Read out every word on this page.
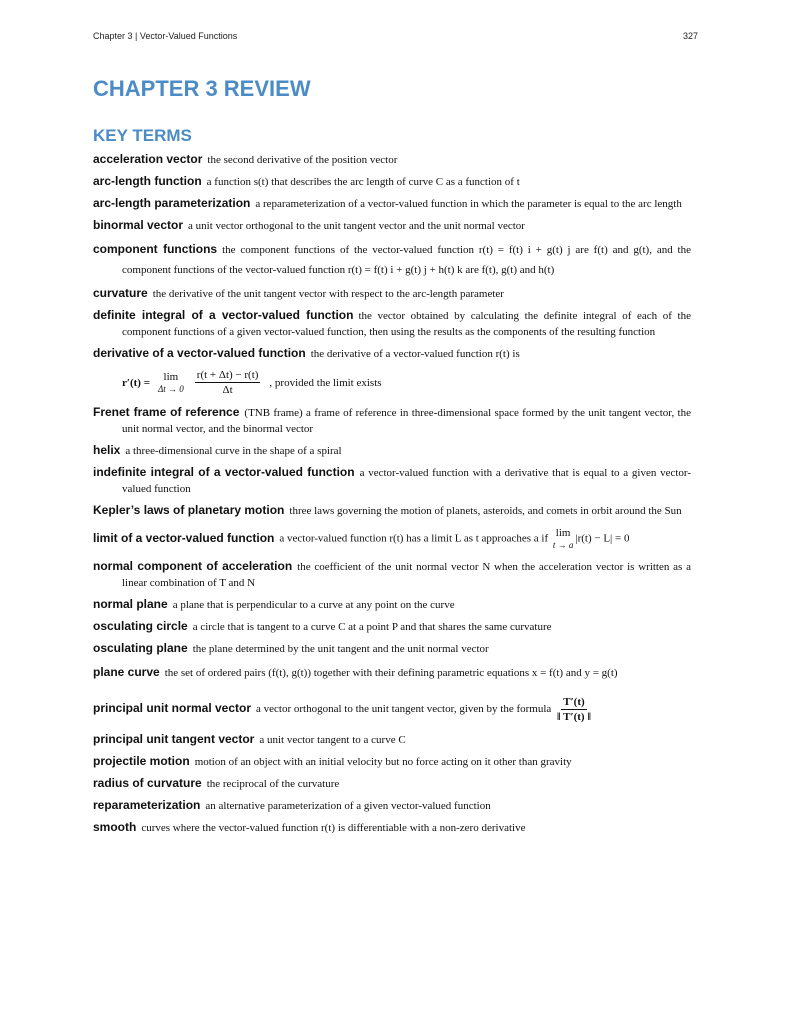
Chapter 3 | Vector-Valued Functions	327
CHAPTER 3 REVIEW
KEY TERMS

acceleration vector the second derivative of the position vector

arc-length function a function s(t) that describes the arc length of curve C as a function of t

arc-length parameterization a reparameterization of a vector-valued function in which the parameter is equal to the arc length

binormal vector a unit vector orthogonal to the unit tangent vector and the unit normal vector

component functions the component functions of the vector-valued function r(t) = f(t) i + g(t) j are f(t) and g(t), and the component functions of the vector-valued function r(t) = f(t) i + g(t) j + h(t) k are f(t), g(t) and h(t)

curvature the derivative of the unit tangent vector with respect to the arc-length parameter

definite integral of a vector-valued function the vector obtained by calculating the definite integral of each of the component functions of a given vector-valued function, then using the results as the components of the resulting function

derivative of a vector-valued function the derivative of a vector-valued function r(t) is
r′(t) = lim
$\Delta t \to 0 \frac{r(t + \Delta t) - r(t)}{\Delta t}$ , provided the limit exists

Frenet frame of reference (TNB frame) a frame of reference in three-dimensional space formed by the unit tangent vector, the unit normal vector, and the binormal vector

helix a three-dimensional curve in the shape of a spiral

indefinite integral of a vector-valued function a vector-valued function with a derivative that is equal to a given vector-valued function

Kepler’s laws of planetary motion three laws governing the motion of planets, asteroids, and comets in orbit around the Sun

limit of a vector-valued function a vector-valued function r(t) has a limit L as t approaches a if lim
t → a
|r(t) − L| = 0

normal component of acceleration the coefficient of the unit normal vector N when the acceleration vector is written as a linear combination of T and N

normal plane a plane that is perpendicular to a curve at any point on the curve

osculating circle a circle that is tangent to a curve C at a point P and that shares the same curvature

osculating plane the plane determined by the unit tangent and the unit normal vector

plane curve the set of ordered pairs (f(t), g(t)) together with their defining parametric equations x = f(t) and y = g(t)

principal unit normal vector a vector orthogonal to the unit tangent vector, given by the formula $\frac{T'(t)}{‖ T'(t) ‖}$

principal unit tangent vector a unit vector tangent to a curve C

projectile motion motion of an object with an initial velocity but no force acting on it other than gravity

radius of curvature the reciprocal of the curvature

reparameterization an alternative parameterization of a given vector-valued function

smooth curves where the vector-valued function r(t) is differentiable with a non-zero derivative
